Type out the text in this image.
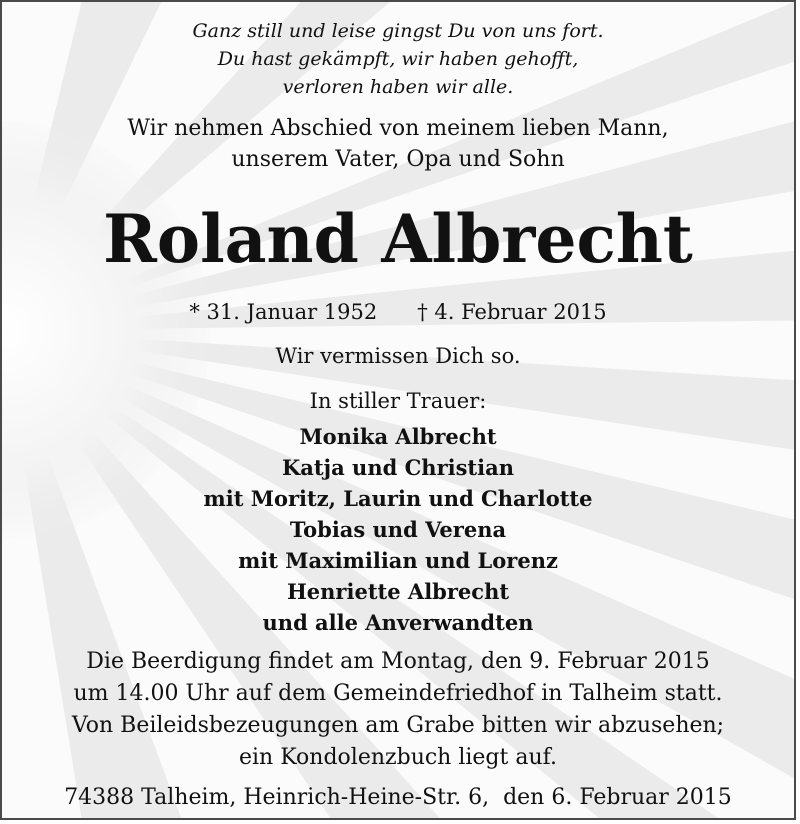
Ganz still und leise gingst Du von uns fort.
Du hast gekämpft, wir haben gehofft,
verloren haben wir alle.
Wir nehmen Abschied von meinem lieben Mann,
unserem Vater, Opa und Sohn
Roland Albrecht
* 31. Januar 1952 † 4. Februar 2015
Wir vermissen Dich so.
In stiller Trauer:
Monika Albrecht
Katja und Christian
mit Moritz, Laurin und Charlotte
Tobias und Verena
mit Maximilian und Lorenz
Henriette Albrecht
und alle Anverwandten
Die Beerdigung findet am Montag, den 9. Februar 2015
um 14.00 Uhr auf dem Gemeindefriedhof in Talheim statt.
Von Beileidsbezeugungen am Grabe bitten wir abzusehen;
ein Kondolenzbuch liegt auf.
74388 Talheim, Heinrich-Heine-Str. 6,  den 6. Februar 2015
